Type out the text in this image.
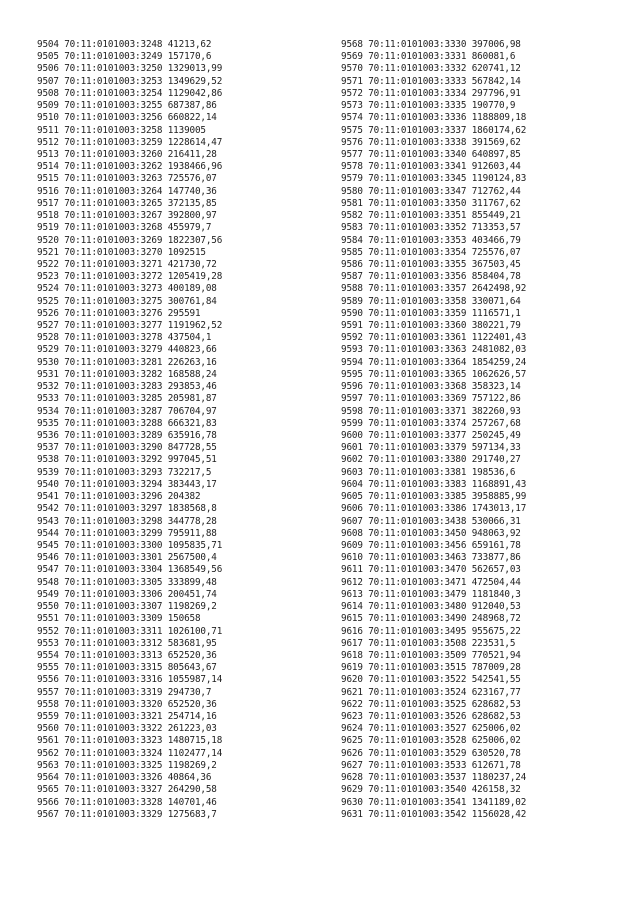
9504 70:11:0101003:3248 41213,62
9505 70:11:0101003:3249 157170,6
9506 70:11:0101003:3250 1329013,99
9507 70:11:0101003:3253 1349629,52
9508 70:11:0101003:3254 1129042,86
9509 70:11:0101003:3255 687387,86
9510 70:11:0101003:3256 660822,14
9511 70:11:0101003:3258 1139005
9512 70:11:0101003:3259 1228614,47
9513 70:11:0101003:3260 216411,28
9514 70:11:0101003:3262 1938466,96
9515 70:11:0101003:3263 725576,07
9516 70:11:0101003:3264 147740,36
9517 70:11:0101003:3265 372135,85
9518 70:11:0101003:3267 392800,97
9519 70:11:0101003:3268 455979,7
9520 70:11:0101003:3269 1822307,56
9521 70:11:0101003:3270 1092515
9522 70:11:0101003:3271 421730,72
9523 70:11:0101003:3272 1205419,28
9524 70:11:0101003:3273 400189,08
9525 70:11:0101003:3275 300761,84
9526 70:11:0101003:3276 295591
9527 70:11:0101003:3277 1191962,52
9528 70:11:0101003:3278 437504,1
9529 70:11:0101003:3279 440823,66
9530 70:11:0101003:3281 226263,16
9531 70:11:0101003:3282 168588,24
9532 70:11:0101003:3283 293853,46
9533 70:11:0101003:3285 205981,87
9534 70:11:0101003:3287 706704,97
9535 70:11:0101003:3288 666321,83
9536 70:11:0101003:3289 635916,78
9537 70:11:0101003:3290 847728,55
9538 70:11:0101003:3292 997045,51
9539 70:11:0101003:3293 732217,5
9540 70:11:0101003:3294 383443,17
9541 70:11:0101003:3296 204382
9542 70:11:0101003:3297 1838568,8
9543 70:11:0101003:3298 344778,28
9544 70:11:0101003:3299 795911,88
9545 70:11:0101003:3300 1095835,71
9546 70:11:0101003:3301 2567500,4
9547 70:11:0101003:3304 1368549,56
9548 70:11:0101003:3305 333899,48
9549 70:11:0101003:3306 200451,74
9550 70:11:0101003:3307 1198269,2
9551 70:11:0101003:3309 150658
9552 70:11:0101003:3311 1026100,71
9553 70:11:0101003:3312 583681,95
9554 70:11:0101003:3313 652520,36
9555 70:11:0101003:3315 805643,67
9556 70:11:0101003:3316 1055987,14
9557 70:11:0101003:3319 294730,7
9558 70:11:0101003:3320 652520,36
9559 70:11:0101003:3321 254714,16
9560 70:11:0101003:3322 261223,03
9561 70:11:0101003:3323 1480715,18
9562 70:11:0101003:3324 1102477,14
9563 70:11:0101003:3325 1198269,2
9564 70:11:0101003:3326 40864,36
9565 70:11:0101003:3327 264290,58
9566 70:11:0101003:3328 140701,46
9567 70:11:0101003:3329 1275683,7
9568 70:11:0101003:3330 397006,98
9569 70:11:0101003:3331 860081,6
9570 70:11:0101003:3332 620741,12
9571 70:11:0101003:3333 567842,14
9572 70:11:0101003:3334 297796,91
9573 70:11:0101003:3335 190770,9
9574 70:11:0101003:3336 1188809,18
9575 70:11:0101003:3337 1860174,62
9576 70:11:0101003:3338 391569,62
9577 70:11:0101003:3340 640897,85
9578 70:11:0101003:3341 912603,44
9579 70:11:0101003:3345 1190124,83
9580 70:11:0101003:3347 712762,44
9581 70:11:0101003:3350 311767,62
9582 70:11:0101003:3351 855449,21
9583 70:11:0101003:3352 713353,57
9584 70:11:0101003:3353 403466,79
9585 70:11:0101003:3354 725576,07
9586 70:11:0101003:3355 367503,45
9587 70:11:0101003:3356 858404,78
9588 70:11:0101003:3357 2642498,92
9589 70:11:0101003:3358 330071,64
9590 70:11:0101003:3359 1116571,1
9591 70:11:0101003:3360 380221,79
9592 70:11:0101003:3361 1122401,43
9593 70:11:0101003:3363 2481082,03
9594 70:11:0101003:3364 1854259,24
9595 70:11:0101003:3365 1062626,57
9596 70:11:0101003:3368 358323,14
9597 70:11:0101003:3369 757122,86
9598 70:11:0101003:3371 382260,93
9599 70:11:0101003:3374 257267,68
9600 70:11:0101003:3377 250245,49
9601 70:11:0101003:3379 597134,33
9602 70:11:0101003:3380 291740,27
9603 70:11:0101003:3381 198536,6
9604 70:11:0101003:3383 1168891,43
9605 70:11:0101003:3385 3958885,99
9606 70:11:0101003:3386 1743013,17
9607 70:11:0101003:3438 530066,31
9608 70:11:0101003:3450 948063,92
9609 70:11:0101003:3456 659161,78
9610 70:11:0101003:3463 733877,86
9611 70:11:0101003:3470 562657,03
9612 70:11:0101003:3471 472504,44
9613 70:11:0101003:3479 1181840,3
9614 70:11:0101003:3480 912040,53
9615 70:11:0101003:3490 248968,72
9616 70:11:0101003:3495 955675,22
9617 70:11:0101003:3508 223531,5
9618 70:11:0101003:3509 770521,94
9619 70:11:0101003:3515 787009,28
9620 70:11:0101003:3522 542541,55
9621 70:11:0101003:3524 623167,77
9622 70:11:0101003:3525 628682,53
9623 70:11:0101003:3526 628682,53
9624 70:11:0101003:3527 625006,02
9625 70:11:0101003:3528 625006,02
9626 70:11:0101003:3529 630520,78
9627 70:11:0101003:3533 612671,78
9628 70:11:0101003:3537 1180237,24
9629 70:11:0101003:3540 426158,32
9630 70:11:0101003:3541 1341189,02
9631 70:11:0101003:3542 1156028,42
